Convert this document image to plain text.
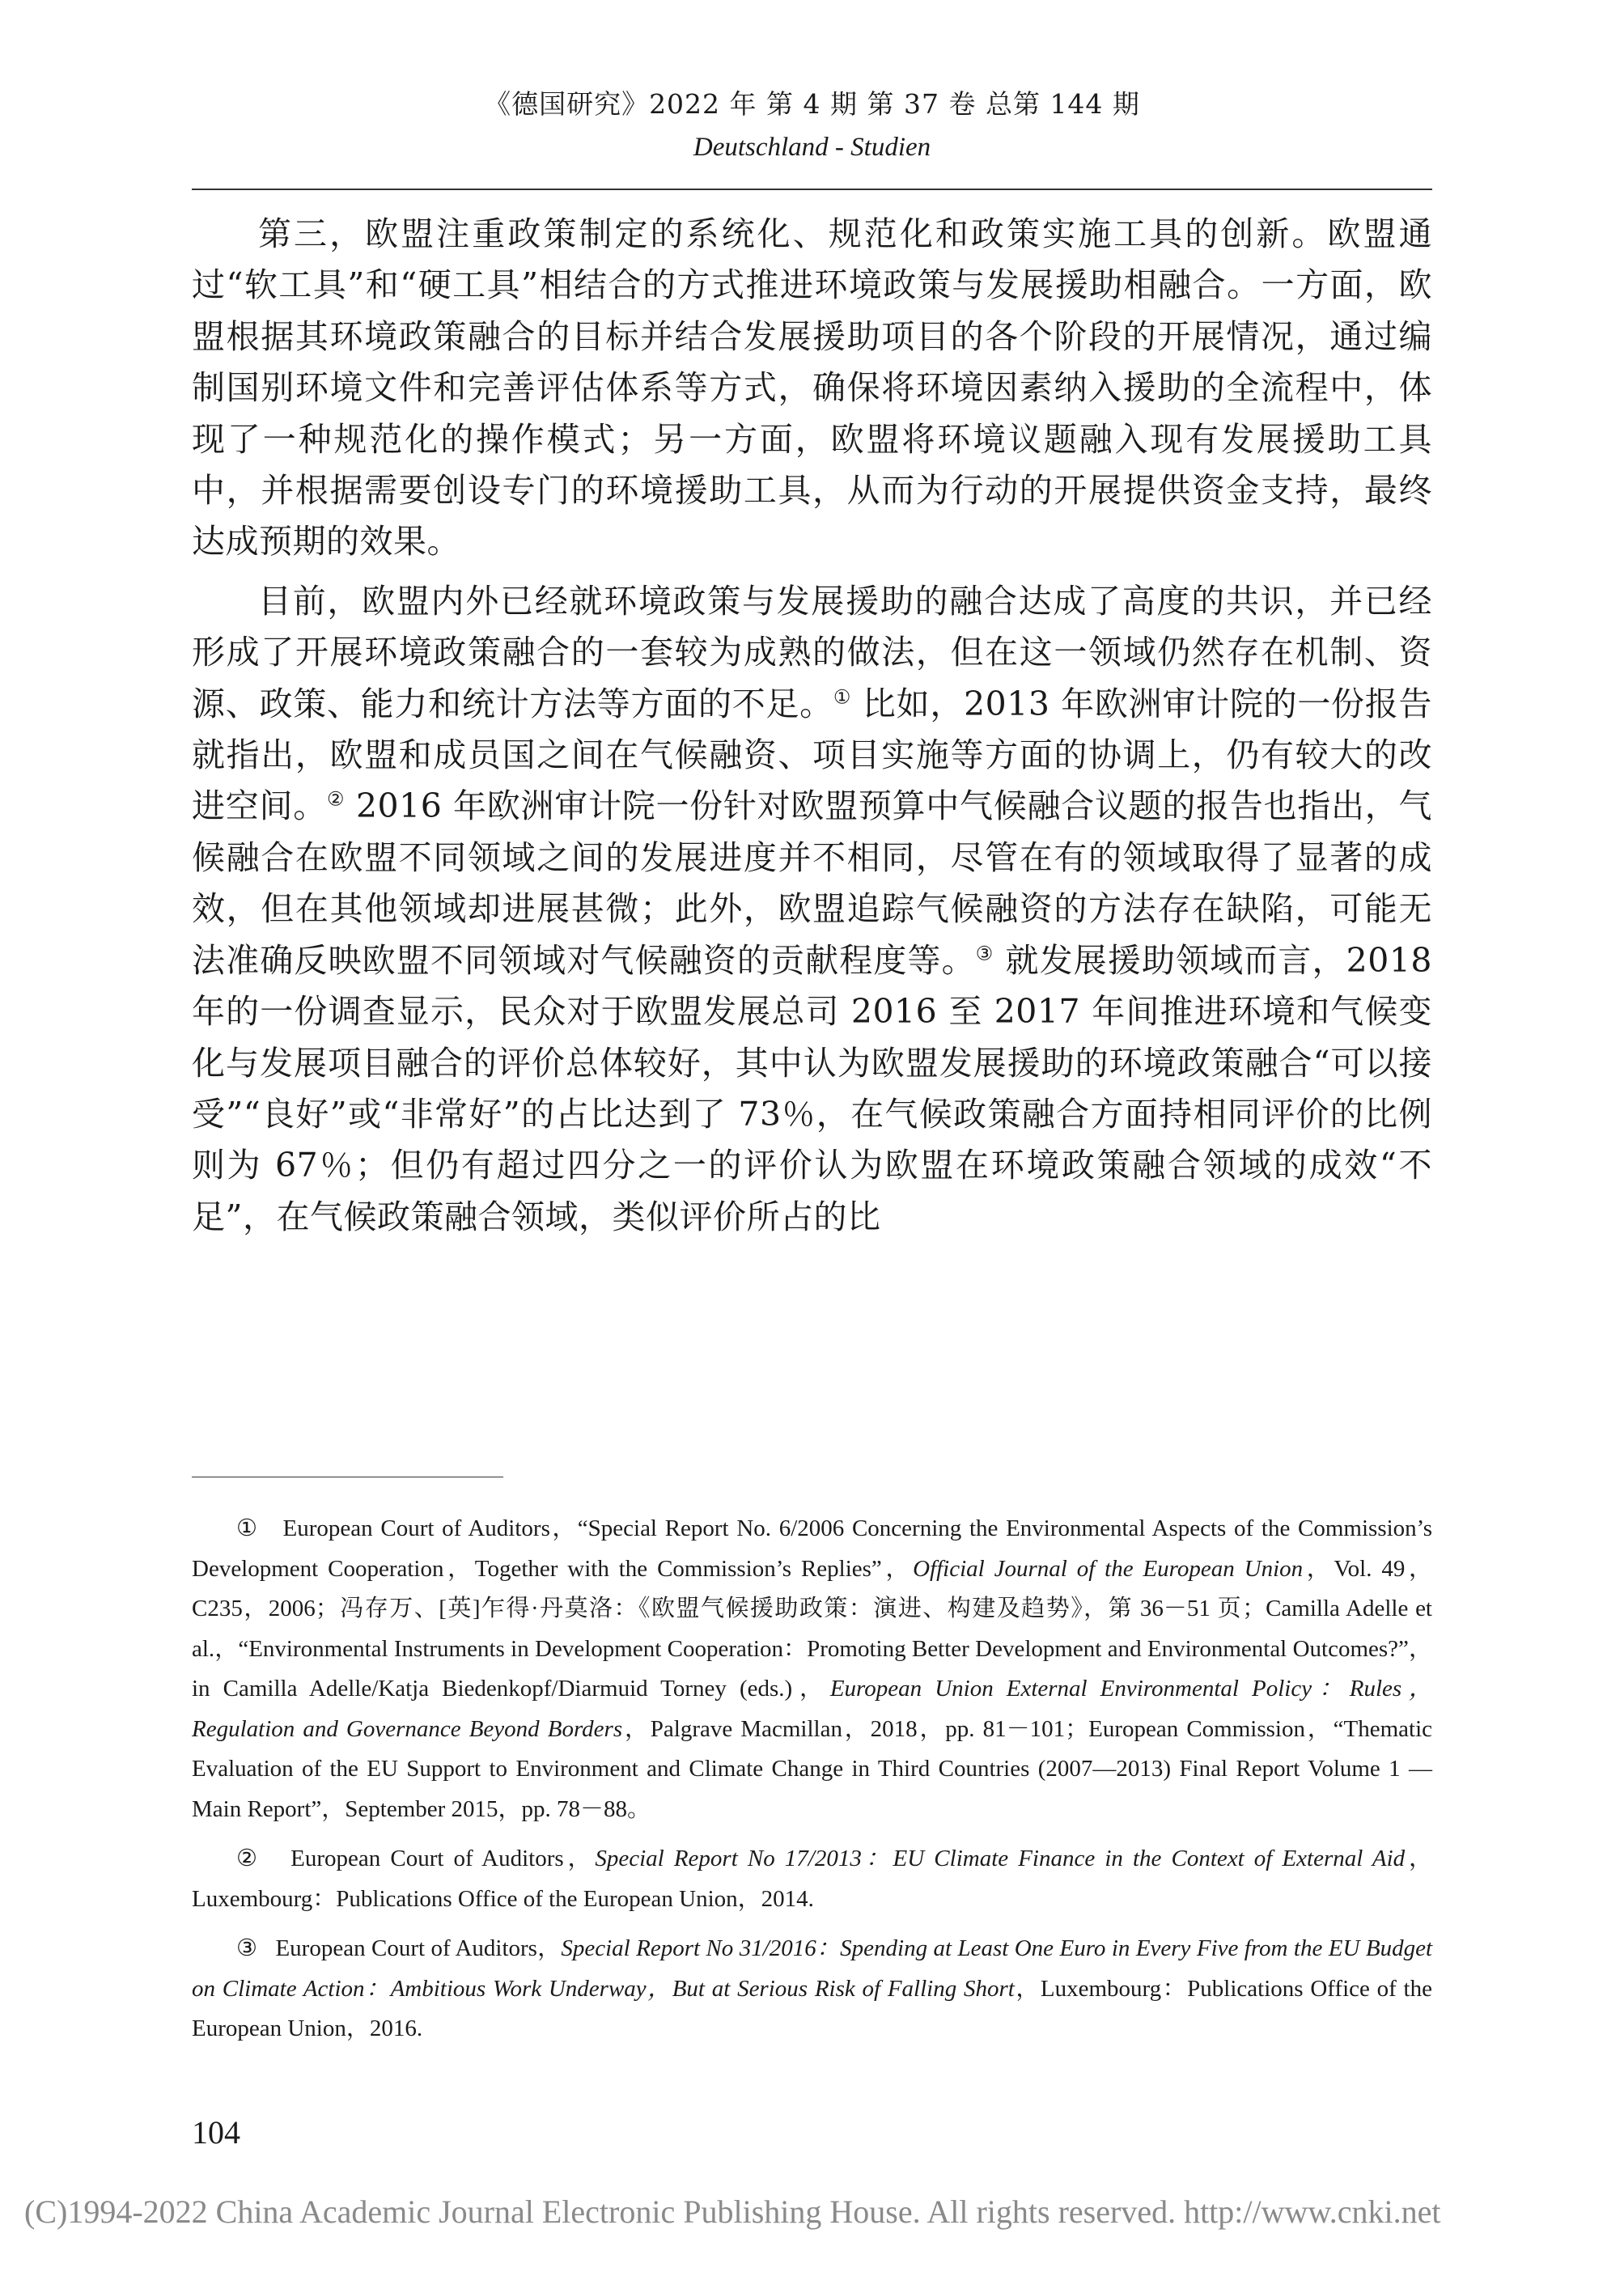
《德国研究》2022 年 第 4 期 第 37 卷 总第 144 期
Deutschland - Studien

第三，欧盟注重政策制定的系统化、规范化和政策实施工具的创新。欧盟通过“软工具”和“硬工具”相结合的方式推进环境政策与发展援助相融合。一方面，欧盟根据其环境政策融合的目标并结合发展援助项目的各个阶段的开展情况，通过编制国别环境文件和完善评估体系等方式，确保将环境因素纳入援助的全流程中，体现了一种规范化的操作模式；另一方面，欧盟将环境议题融入现有发展援助工具中，并根据需要创设专门的环境援助工具，从而为行动的开展提供资金支持，最终达成预期的效果。

目前，欧盟内外已经就环境政策与发展援助的融合达成了高度的共识，并已经形成了开展环境政策融合的一套较为成熟的做法，但在这一领域仍然存在机制、资源、政策、能力和统计方法等方面的不足。① 比如，2013 年欧洲审计院的一份报告就指出，欧盟和成员国之间在气候融资、项目实施等方面的协调上，仍有较大的改进空间。② 2016 年欧洲审计院一份针对欧盟预算中气候融合议题的报告也指出，气候融合在欧盟不同领域之间的发展进度并不相同，尽管在有的领域取得了显著的成效，但在其他领域却进展甚微；此外，欧盟追踪气候融资的方法存在缺陷，可能无法准确反映欧盟不同领域对气候融资的贡献程度等。③ 就发展援助领域而言，2018 年的一份调查显示，民众对于欧盟发展总司 2016 至 2017 年间推进环境和气候变化与发展项目融合的评价总体较好，其中认为欧盟发展援助的环境政策融合“可以接受”“良好”或“非常好”的占比达到了 73％，在气候政策融合方面持相同评价的比例则为 67％；但仍有超过四分之一的评价认为欧盟在环境政策融合领域的成效“不足”，在气候政策融合领域，类似评价所占的比

① European Court of Auditors，“Special Report No. 6/2006 Concerning the Environmental Aspects of the Commission’s Development Cooperation，Together with the Commission’s Replies”，Official Journal of the European Union，Vol. 49，C235，2006；冯存万、[英]乍得·丹莫洛：《欧盟气候援助政策：演进、构建及趋势》，第 36－51 页；Camilla Adelle et al.，“Environmental Instruments in Development Cooperation：Promoting Better Development and Environmental Outcomes?”，in Camilla Adelle/Katja Biedenkopf/Diarmuid Torney (eds.)，European Union External Environmental Policy：Rules，Regulation and Governance Beyond Borders，Palgrave Macmillan，2018，pp. 81－101；European Commission，“Thematic Evaluation of the EU Support to Environment and Climate Change in Third Countries (2007—2013) Final Report Volume 1 — Main Report”，September 2015，pp. 78－88。

② European Court of Auditors，Special Report No 17/2013：EU Climate Finance in the Context of External Aid，Luxembourg：Publications Office of the European Union，2014.

③ European Court of Auditors，Special Report No 31/2016：Spending at Least One Euro in Every Five from the EU Budget on Climate Action：Ambitious Work Underway，But at Serious Risk of Falling Short，Luxembourg：Publications Office of the European Union，2016.

104
(C)1994-2022 China Academic Journal Electronic Publishing House. All rights reserved. http://www.cnki.net
